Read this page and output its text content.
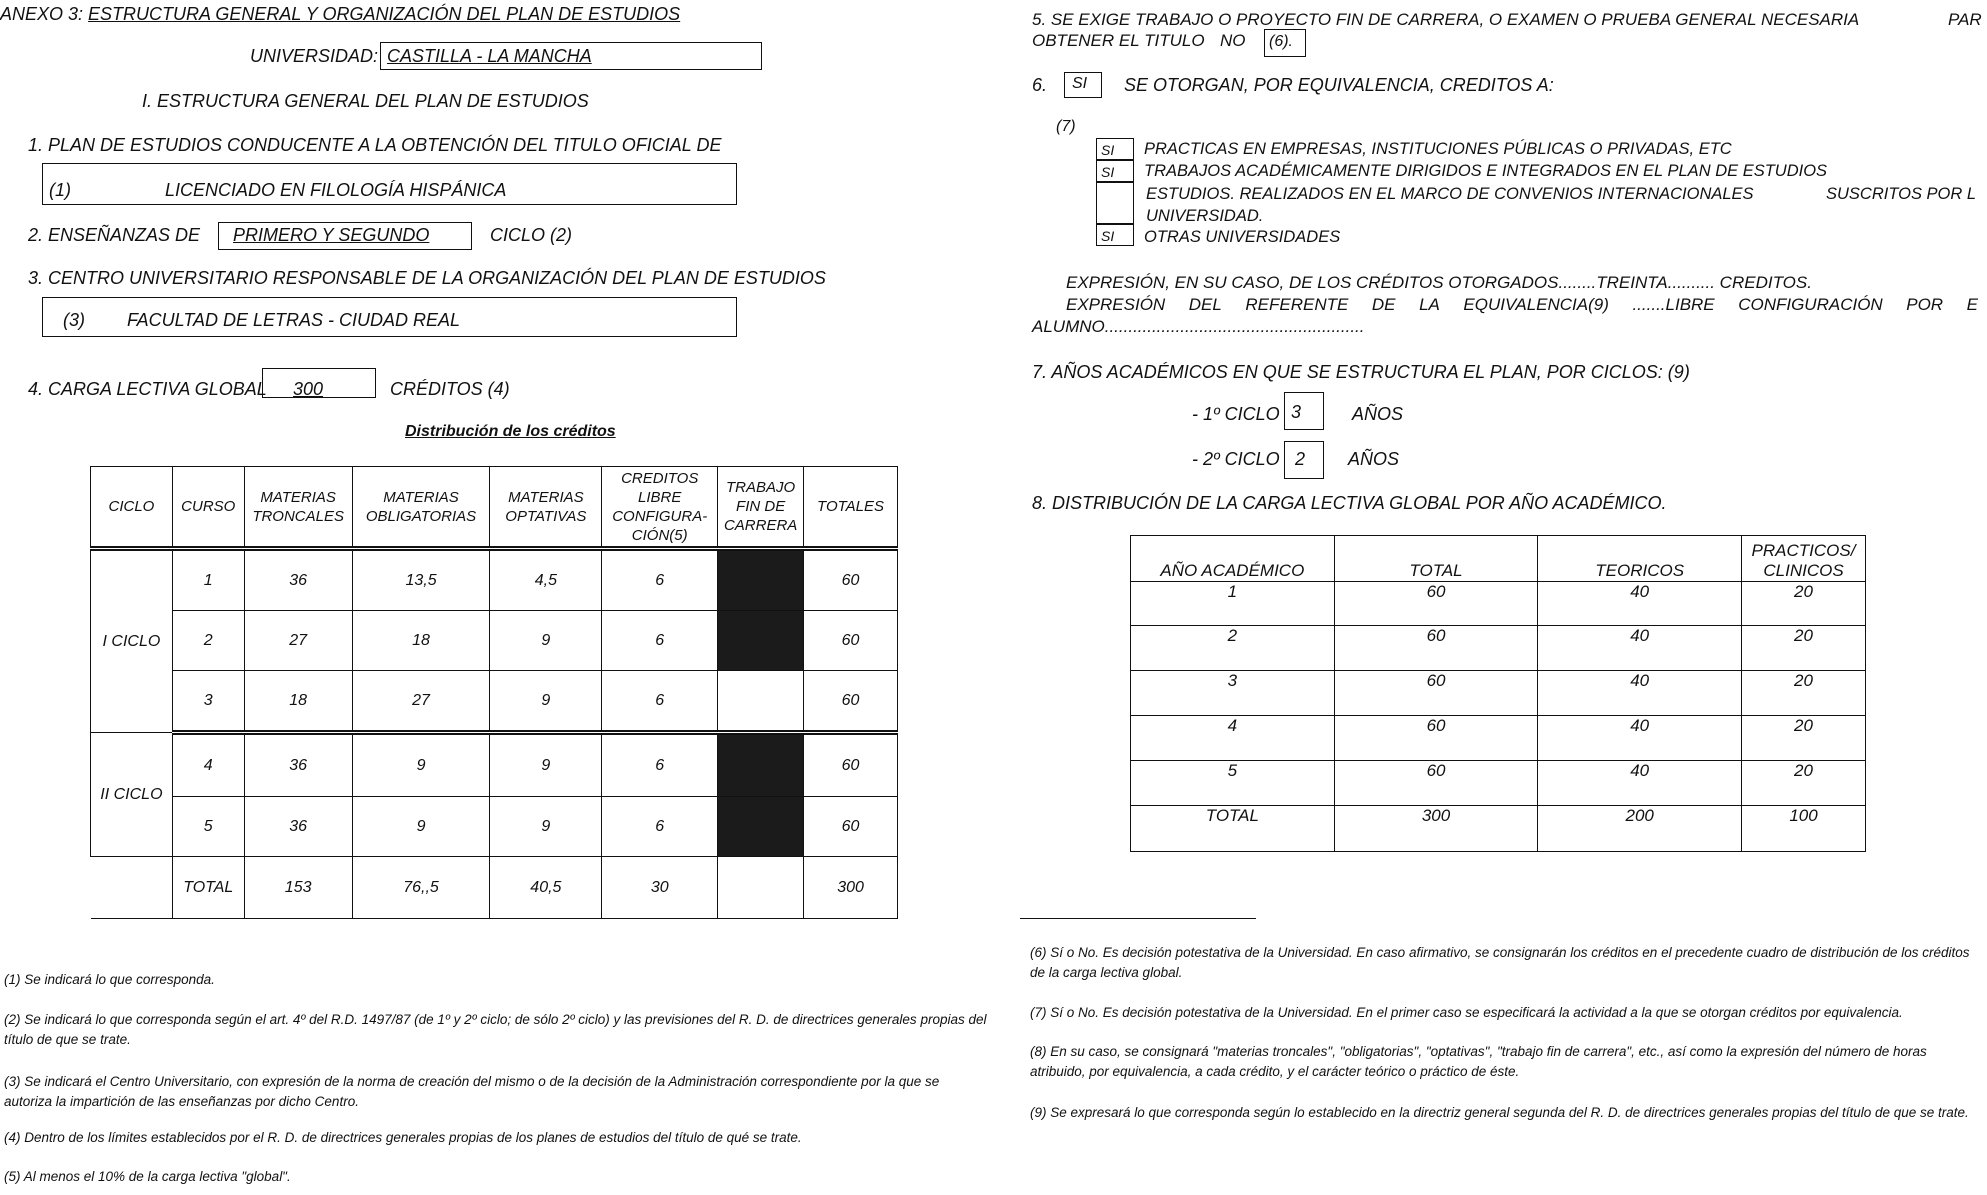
ANEXO 3: ESTRUCTURA GENERAL Y ORGANIZACIÓN DEL PLAN DE ESTUDIOS
UNIVERSIDAD: CASTILLA - LA MANCHA
I. ESTRUCTURA GENERAL DEL PLAN DE ESTUDIOS
1. PLAN DE ESTUDIOS CONDUCENTE A LA OBTENCIÓN DEL TITULO OFICIAL DE
(1)	LICENCIADO EN FILOLOGÍA HISPÁNICA
2. ENSEÑANZAS DE PRIMERO Y SEGUNDO	CICLO (2)
3. CENTRO UNIVERSITARIO RESPONSABLE DE LA ORGANIZACIÓN DEL PLAN DE ESTUDIOS
(3) FACULTAD DE LETRAS - CIUDAD REAL
4. CARGA LECTIVA GLOBAL 300	CRÉDITOS (4)
Distribución de los créditos
CICLO	CURSO	MATERIAS TRONCALES	MATERIAS OBLIGATORIAS	MATERIAS OPTATIVAS	CREDITOS LIBRE CONFIGURA-CIÓN(5)	TRABAJO FIN DE CARRERA	TOTALES
I CICLO	1	36	13,5	4,5	6		60
	2	27	18	9	6		60
	3	18	27	9	6		60
II CICLO	4	36	9	9	6		60
	5	36	9	9	6		60
	TOTAL	153	76,,5	40,5	30		300
(1) Se indicará lo que corresponda.
(2) Se indicará lo que corresponda según el art. 4º del R.D. 1497/87 (de 1º y 2º ciclo; de sólo 2º ciclo) y las previsiones del R. D. de directrices generales propias del título de que se trate.
(3) Se indicará el Centro Universitario, con expresión de la norma de creación del mismo o de la decisión de la Administración correspondiente por la que se autoriza la impartición de las enseñanzas por dicho Centro.
(4) Dentro de los límites establecidos por el R. D. de directrices generales propias de los planes de estudios del título de qué se trate.
(5) Al menos el 10% de la carga lectiva "global".
5. SE EXIGE TRABAJO O PROYECTO FIN DE CARRERA, O EXAMEN O PRUEBA GENERAL NECESARIA	PAR
OBTENER EL TITULO NO (6).
6. SI SE OTORGAN, POR EQUIVALENCIA, CREDITOS A:
(7)
SI	PRACTICAS EN EMPRESAS, INSTITUCIONES PÚBLICAS O PRIVADAS, ETC
SI	TRABAJOS ACADÉMICAMENTE DIRIGIDOS E INTEGRADOS EN EL PLAN DE ESTUDIOS
ESTUDIOS. REALIZADOS EN EL MARCO DE CONVENIOS INTERNACIONALES	SUSCRITOS POR L
UNIVERSIDAD.
SI	OTRAS UNIVERSIDADES
EXPRESIÓN, EN SU CASO, DE LOS CRÉDITOS OTORGADOS........TREINTA.......... CREDITOS.
EXPRESIÓN DEL REFERENTE DE LA EQUIVALENCIA(9) .......LIBRE CONFIGURACIÓN POR E
ALUMNO.......................................................
7. AÑOS ACADÉMICOS EN QUE SE ESTRUCTURA EL PLAN, POR CICLOS: (9)
- 1º CICLO 3	AÑOS
- 2º CICLO 2 AÑOS
8. DISTRIBUCIÓN DE LA CARGA LECTIVA GLOBAL POR AÑO ACADÉMICO.
AÑO ACADÉMICO	TOTAL	TEORICOS	PRACTICOS/ CLINICOS
1	60	40	20
2	60	40	20
3	60	40	20
4	60	40	20
5	60	40	20
TOTAL	300	200	100
(6) Sí o No. Es decisión potestativa de la Universidad. En caso afirmativo, se consignarán los créditos en el precedente cuadro de distribución de los créditos de la carga lectiva global.
(7) Sí o No. Es decisión potestativa de la Universidad. En el primer caso se especificará la actividad a la que se otorgan créditos por equivalencia.
(8) En su caso, se consignará "materias troncales", "obligatorias", "optativas", "trabajo fin de carrera", etc., así como la expresión del número de horas atribuido, por equivalencia, a cada crédito, y el carácter teórico o práctico de éste.
(9) Se expresará lo que corresponda según lo establecido en la directriz general segunda del R. D. de directrices generales propias del título de que se trate.
